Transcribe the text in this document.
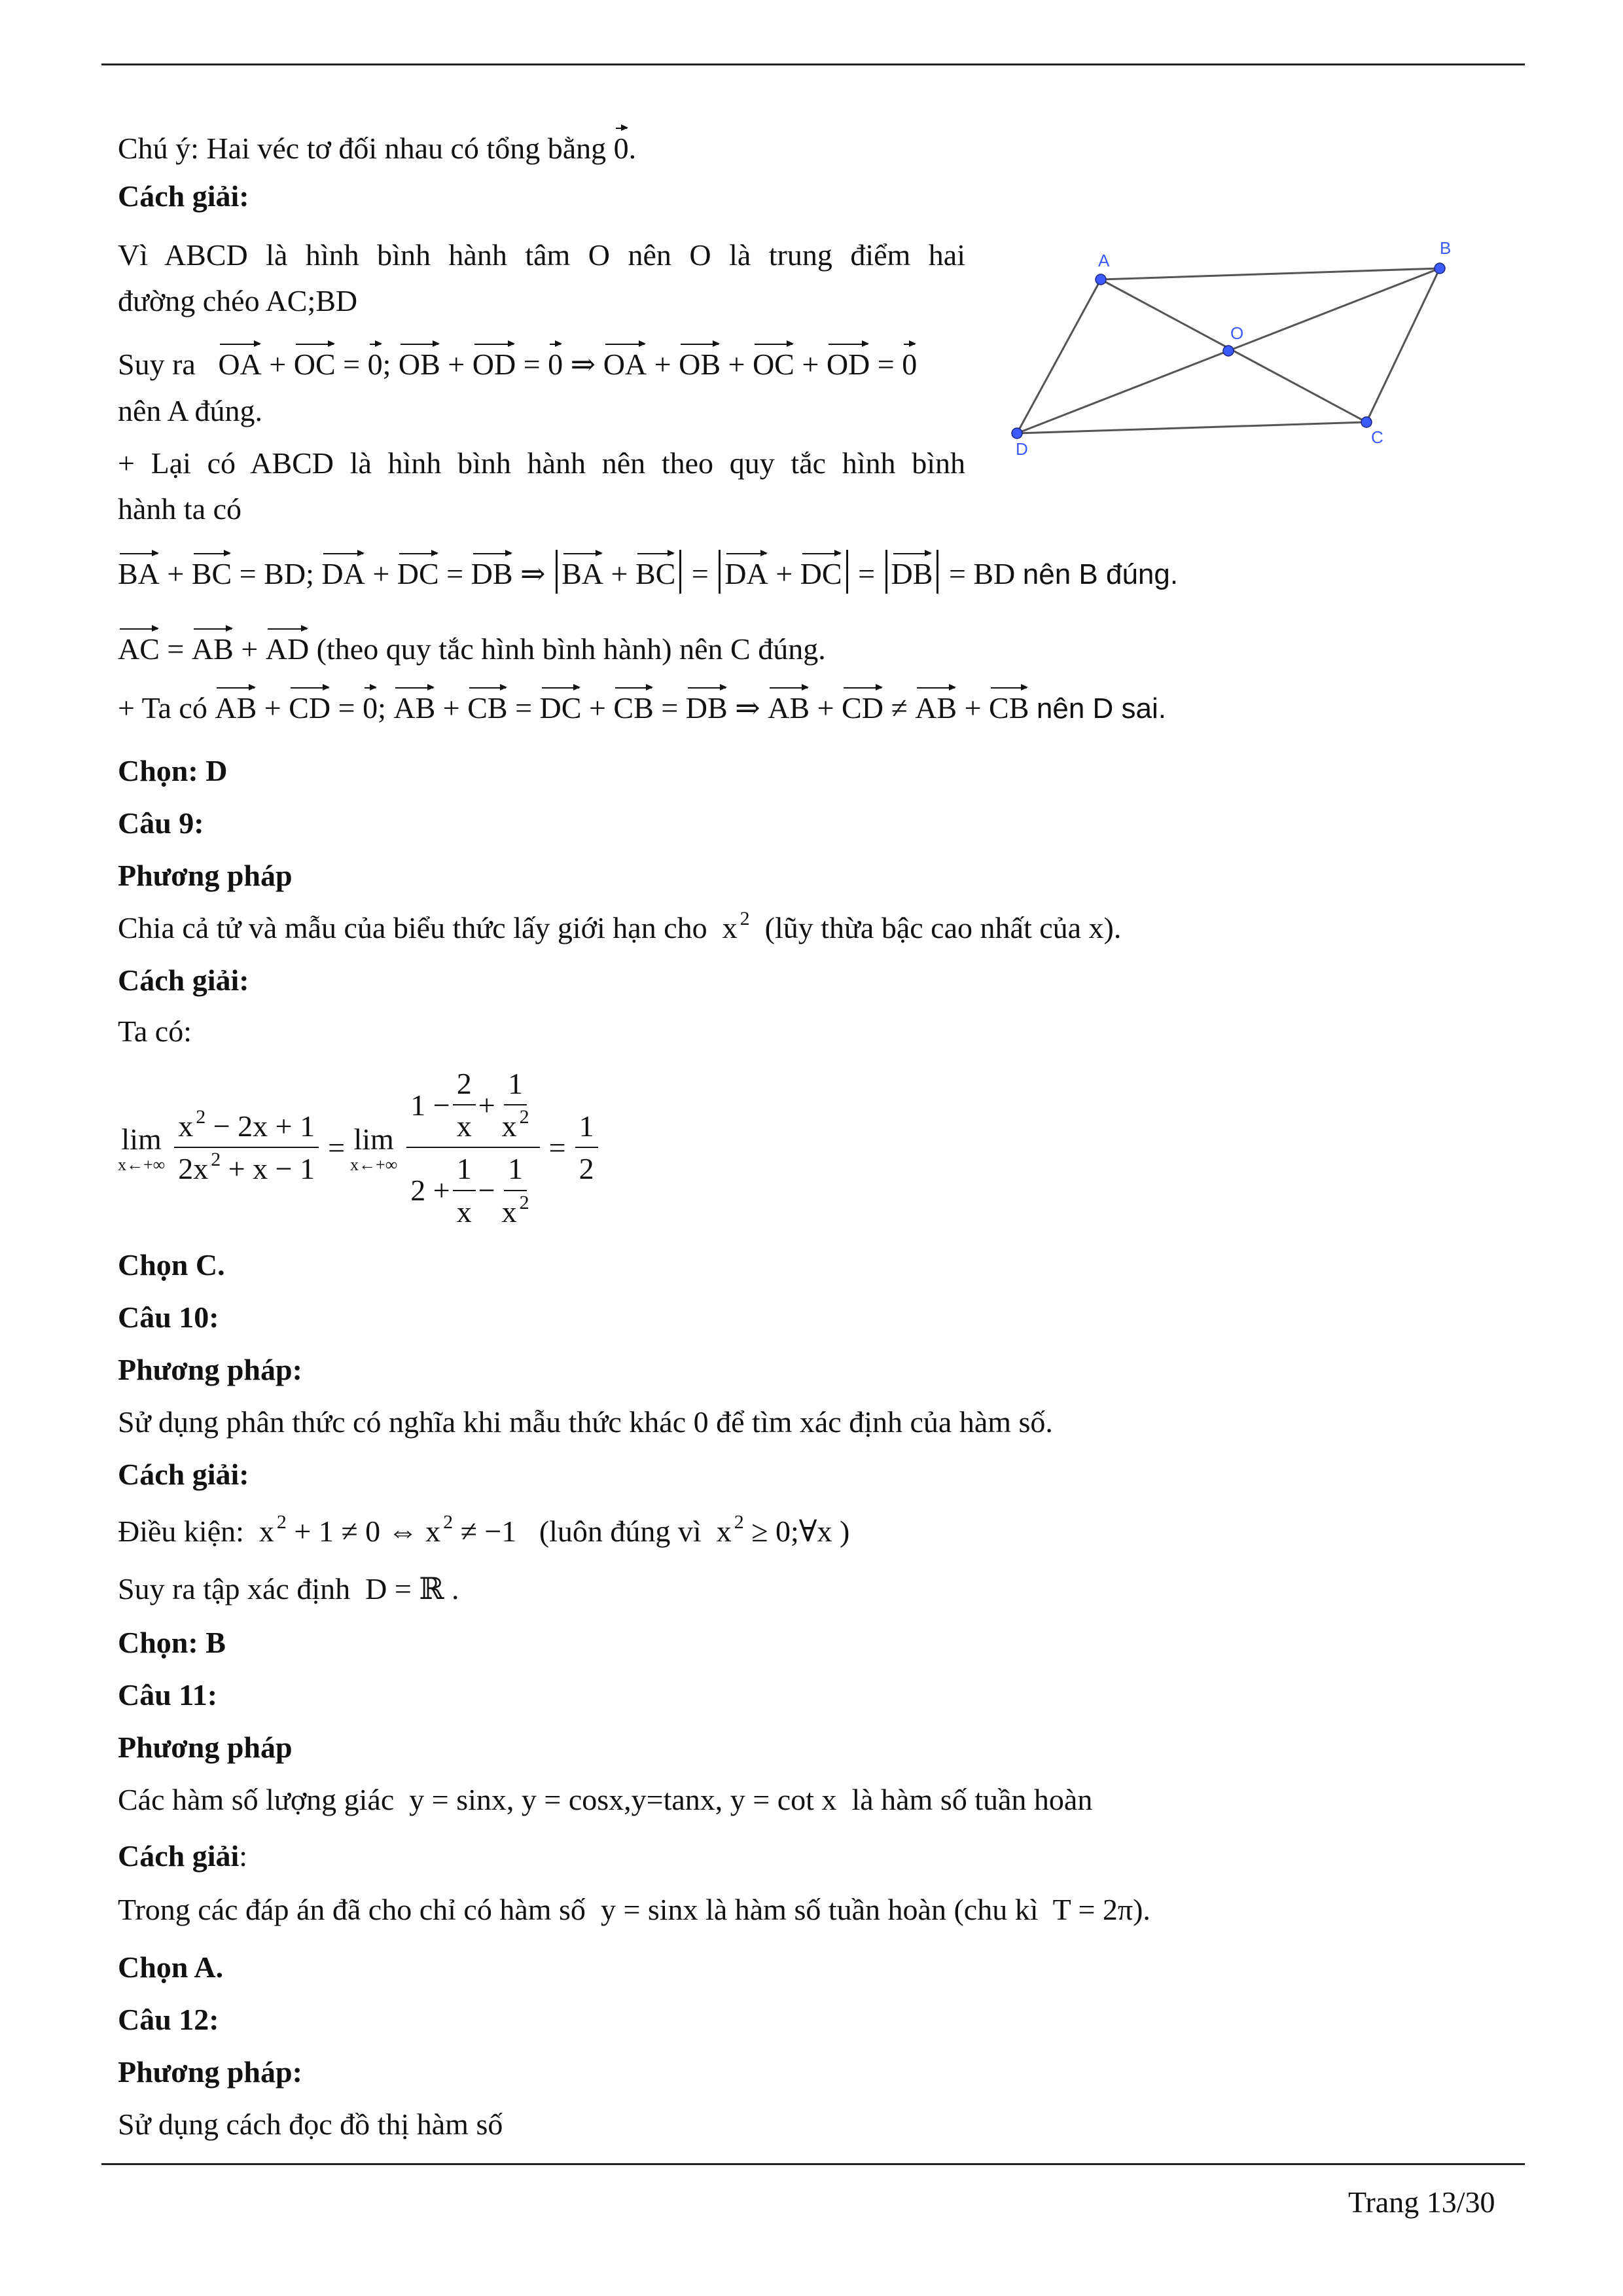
Chú ý: Hai véc tơ đối nhau có tổng bằng 0.
Cách giải:
Vì ABCD là hình bình hành tâm O nên O là trung điểm hai
đường chéo AC;BD
Suy ra OA + OC = 0; OB + OD = 0 ⇒ OA + OB + OC + OD = 0
nên A đúng.
+ Lại có ABCD là hình bình hành nên theo quy tắc hình bình
hành ta có
BA + BC = BD; DA + DC = DB ⇒ BA + BC = DA + DC = DB = BD nên B đúng.
AC = AB + AD (theo quy tắc hình bình hành) nên C đúng.
+ Ta có AB + CD = 0; AB + CB = DC + CB = DB ⇒ AB + CD ≠ AB + CB nên D sai.
Chọn: D
A
B
O
C
D
Câu 9:
Phương pháp
Chia cả tử và mẫu của biểu thức lấy giới hạn cho  x $^2$ (lũy thừa bậc cao nhất của x).
Cách giải:
Ta có:
lim
x←+∞ $\frac{x ^2 - 2x + 1}{2x ^2 + x - 1} = \lim$
x←+∞ $\frac{1 - \frac{2}{x} + \frac{1}{x ^2}}{2 + \frac{1}{x} - \frac{1}{x ^2}} = \frac{1}{2}$
Chọn C.
Câu 10:
Phương pháp:
Sử dụng phân thức có nghĩa khi mẫu thức khác 0 để tìm xác định của hàm số.
Cách giải:
Điều kiện:  x $^2$ + 1 ≠ 0 ⇔ x $^2$ ≠ −1   (luôn đúng vì  x $^2$ ≥ 0;∀x )
Suy ra tập xác định  D = ℝ .
Chọn: B
Câu 11:
Phương pháp
Các hàm số lượng giác y = sinx, y = cosx,y=tanx, y = cot x là hàm số tuần hoàn
Cách giải:
Trong các đáp án đã cho chỉ có hàm số y = sinx là hàm số tuần hoàn (chu kì T = 2π).
Chọn A.
Câu 12:
Phương pháp:
Sử dụng cách đọc đồ thị hàm số
Trang 13/30
